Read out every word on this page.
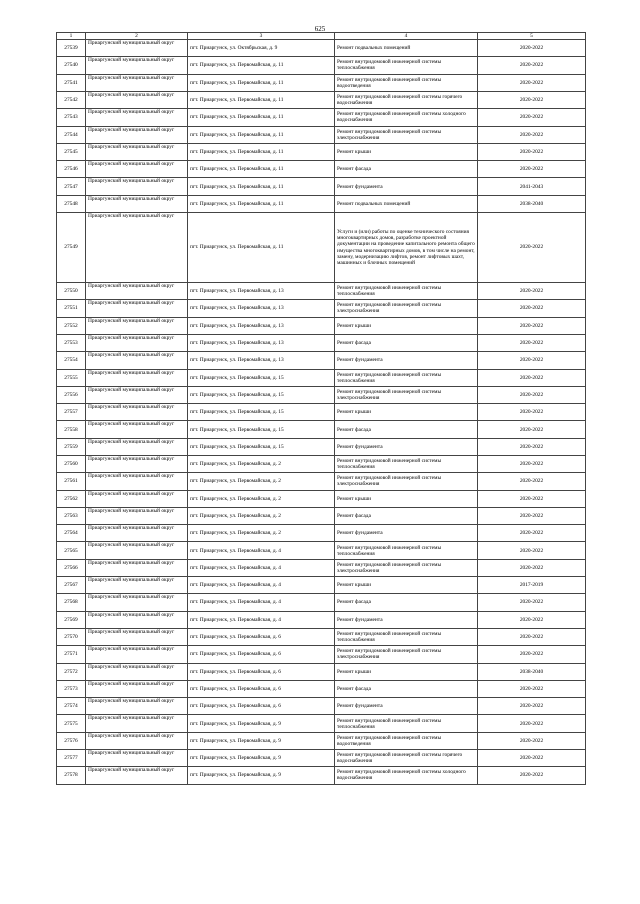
625
1	2	3	4	5
27539	Приаргунский муниципальный округ	пгт. Приаргунск, ул. Октябрьская, д. 9	Ремонт подвальных помещений	2020-2022
27540	Приаргунский муниципальный округ	пгт. Приаргунск, ул. Первомайская, д. 11	Ремонт внутридомовой инженерной системы теплоснабжения	2020-2022
27541	Приаргунский муниципальный округ	пгт. Приаргунск, ул. Первомайская, д. 11	Ремонт внутридомовой инженерной системы водоотведения	2020-2022
27542	Приаргунский муниципальный округ	пгт. Приаргунск, ул. Первомайская, д. 11	Ремонт внутридомовой инженерной системы горячего водоснабжения	2020-2022
27543	Приаргунский муниципальный округ	пгт. Приаргунск, ул. Первомайская, д. 11	Ремонт внутридомовой инженерной системы холодного водоснабжения	2020-2022
27544	Приаргунский муниципальный округ	пгт. Приаргунск, ул. Первомайская, д. 11	Ремонт внутридомовой инженерной системы электроснабжения	2020-2022
27545	Приаргунский муниципальный округ	пгт. Приаргунск, ул. Первомайская, д. 11	Ремонт крыши	2020-2022
27546	Приаргунский муниципальный округ	пгт. Приаргунск, ул. Первомайская, д. 11	Ремонт фасада	2020-2022
27547	Приаргунский муниципальный округ	пгт. Приаргунск, ул. Первомайская, д. 11	Ремонт фундамента	2041-2043
27548	Приаргунский муниципальный округ	пгт. Приаргунск, ул. Первомайская, д. 11	Ремонт подвальных помещений	2038-2040
27549	Приаргунский муниципальный округ	пгт. Приаргунск, ул. Первомайская, д. 11	Услуги и (или) работы по оценке технического состояния многоквартирных домов, разработке проектной документации на проведение капитального ремонта общего имущества многоквартирных домов, в том числе на ремонт, замену, модернизацию лифтов, ремонт лифтовых шахт, машинных и блочных помещений	2020-2022
27550	Приаргунский муниципальный округ	пгт. Приаргунск, ул. Первомайская, д. 13	Ремонт внутридомовой инженерной системы теплоснабжения	2020-2022
27551	Приаргунский муниципальный округ	пгт. Приаргунск, ул. Первомайская, д. 13	Ремонт внутридомовой инженерной системы электроснабжения	2020-2022
27552	Приаргунский муниципальный округ	пгт. Приаргунск, ул. Первомайская, д. 13	Ремонт крыши	2020-2022
27553	Приаргунский муниципальный округ	пгт. Приаргунск, ул. Первомайская, д. 13	Ремонт фасада	2020-2022
27554	Приаргунский муниципальный округ	пгт. Приаргунск, ул. Первомайская, д. 13	Ремонт фундамента	2020-2022
27555	Приаргунский муниципальный округ	пгт. Приаргунск, ул. Первомайская, д. 15	Ремонт внутридомовой инженерной системы теплоснабжения	2020-2022
27556	Приаргунский муниципальный округ	пгт. Приаргунск, ул. Первомайская, д. 15	Ремонт внутридомовой инженерной системы электроснабжения	2020-2022
27557	Приаргунский муниципальный округ	пгт. Приаргунск, ул. Первомайская, д. 15	Ремонт крыши	2020-2022
27558	Приаргунский муниципальный округ	пгт. Приаргунск, ул. Первомайская, д. 15	Ремонт фасада	2020-2022
27559	Приаргунский муниципальный округ	пгт. Приаргунск, ул. Первомайская, д. 15	Ремонт фундамента	2020-2022
27560	Приаргунский муниципальный округ	пгт. Приаргунск, ул. Первомайская, д. 2	Ремонт внутридомовой инженерной системы теплоснабжения	2020-2022
27561	Приаргунский муниципальный округ	пгт. Приаргунск, ул. Первомайская, д. 2	Ремонт внутридомовой инженерной системы электроснабжения	2020-2022
27562	Приаргунский муниципальный округ	пгт. Приаргунск, ул. Первомайская, д. 2	Ремонт крыши	2020-2022
27563	Приаргунский муниципальный округ	пгт. Приаргунск, ул. Первомайская, д. 2	Ремонт фасада	2020-2022
27564	Приаргунский муниципальный округ	пгт. Приаргунск, ул. Первомайская, д. 2	Ремонт фундамента	2020-2022
27565	Приаргунский муниципальный округ	пгт. Приаргунск, ул. Первомайская, д. 4	Ремонт внутридомовой инженерной системы теплоснабжения	2020-2022
27566	Приаргунский муниципальный округ	пгт. Приаргунск, ул. Первомайская, д. 4	Ремонт внутридомовой инженерной системы электроснабжения	2020-2022
27567	Приаргунский муниципальный округ	пгт. Приаргунск, ул. Первомайская, д. 4	Ремонт крыши	2017-2019
27568	Приаргунский муниципальный округ	пгт. Приаргунск, ул. Первомайская, д. 4	Ремонт фасада	2020-2022
27569	Приаргунский муниципальный округ	пгт. Приаргунск, ул. Первомайская, д. 4	Ремонт фундамента	2020-2022
27570	Приаргунский муниципальный округ	пгт. Приаргунск, ул. Первомайская, д. 6	Ремонт внутридомовой инженерной системы теплоснабжения	2020-2022
27571	Приаргунский муниципальный округ	пгт. Приаргунск, ул. Первомайская, д. 6	Ремонт внутридомовой инженерной системы электроснабжения	2020-2022
27572	Приаргунский муниципальный округ	пгт. Приаргунск, ул. Первомайская, д. 6	Ремонт крыши	2038-2040
27573	Приаргунский муниципальный округ	пгт. Приаргунск, ул. Первомайская, д. 6	Ремонт фасада	2020-2022
27574	Приаргунский муниципальный округ	пгт. Приаргунск, ул. Первомайская, д. 6	Ремонт фундамента	2020-2022
27575	Приаргунский муниципальный округ	пгт. Приаргунск, ул. Первомайская, д. 9	Ремонт внутридомовой инженерной системы теплоснабжения	2020-2022
27576	Приаргунский муниципальный округ	пгт. Приаргунск, ул. Первомайская, д. 9	Ремонт внутридомовой инженерной системы водоотведения	2020-2022
27577	Приаргунский муниципальный округ	пгт. Приаргунск, ул. Первомайская, д. 9	Ремонт внутридомовой инженерной системы горячего водоснабжения	2020-2022
27578	Приаргунский муниципальный округ	пгт. Приаргунск, ул. Первомайская, д. 9	Ремонт внутридомовой инженерной системы холодного водоснабжения	2020-2022
